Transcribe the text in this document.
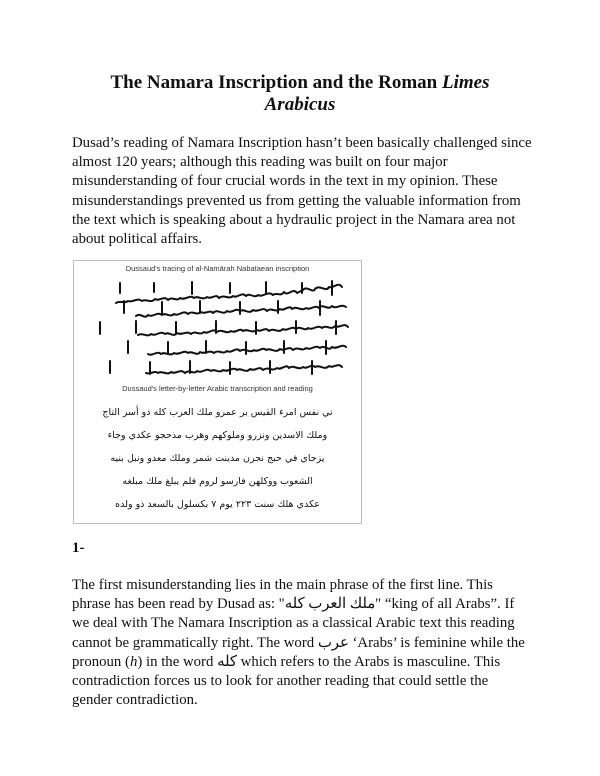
The Namara Inscription and the Roman Limes
Arabicus
Dusad’s reading of Namara Inscription hasn’t been basically challenged since almost 120 years; although this reading was built on four major misunderstanding of four crucial words in the text in my opinion. These misunderstandings prevented us from getting the valuable information from the text which is speaking about a hydraulic project in the Namara area not about political affairs.
Dussaud's tracing of al-Namārah Nabataean inscription
Dussaud's letter-by-letter Arabic transcription and reading
تي نفس امرء القيس بر عمرو ملك العرب كله ذو أسر التاج
وملك الاسدين ونزرو وملوكهم وهرب مذحجو عكدي وجاء
يزجاي في حبج نجرن مدينت شمر وملك معدو ونبل بنيه
الشعوب ووكلهن فارسو لروم فلم يبلغ ملك مبلغه
عكدي هلك سنت ٢٢٣ يوم ٧ بكسلول بالسعد ذو ولده
1-
The first misunderstanding lies in the main phrase of the first line. This phrase has been read by Dusad as: "ملك العرب كله" “king of all Arabs”. If we deal with The Namara Inscription as a classical Arabic text this reading cannot be grammatically right. The word عرب ‘Arabs’ is feminine while the pronoun (h) in the word كله which refers to the Arabs is masculine. This contradiction forces us to look for another reading that could settle the gender contradiction.
